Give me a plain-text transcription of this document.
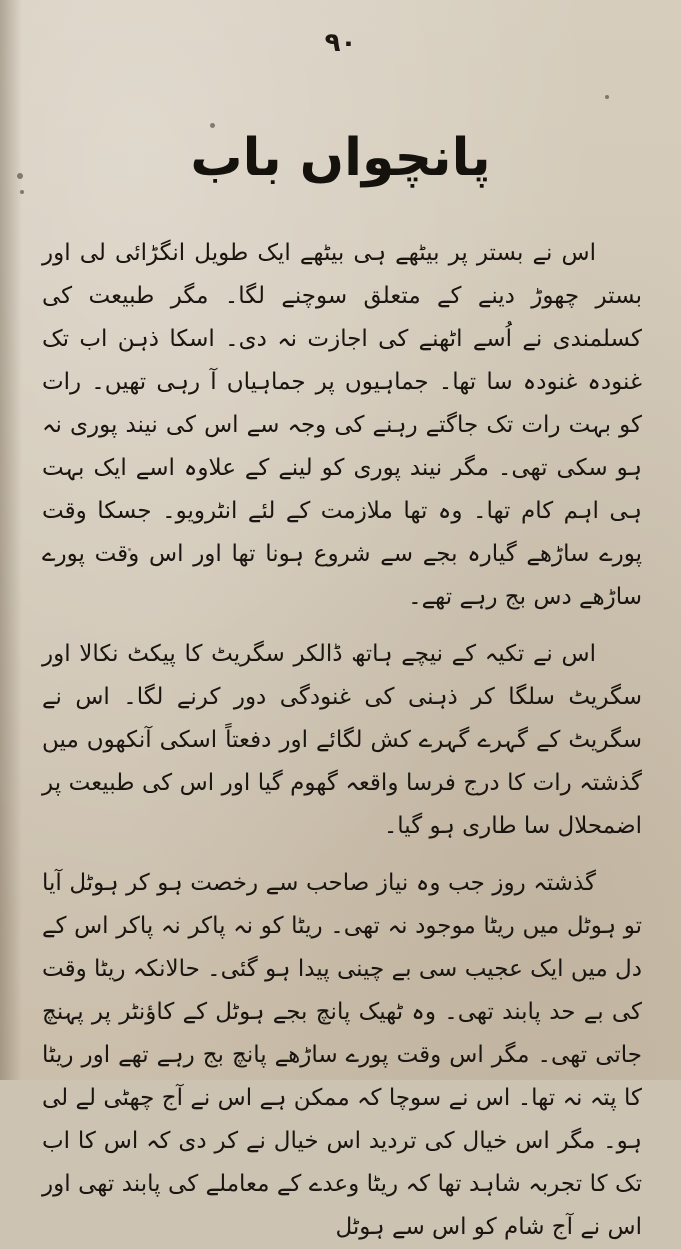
۹۰
پانچواں باب

اس نے بستر پر بیٹھے ہی بیٹھے ایک طویل انگڑائی لی اور بستر چھوڑ دینے کے متعلق سوچنے لگا۔ مگر طبیعت کی کسلمندی نے اُسے اٹھنے کی اجازت نہ دی۔ اسکا ذہن اب تک غنودہ غنودہ سا تھا۔ جماہیوں پر جماہیاں آ رہی تھیں۔ رات کو بہت رات تک جاگتے رہنے کی وجہ سے اس کی نیند پوری نہ ہو سکی تھی۔ مگر نیند پوری کو لینے کے علاوہ اسے ایک بہت ہی اہم کام تھا۔ وہ تھا ملازمت کے لئے انٹرویو۔ جسکا وقت پورے ساڑھے گیارہ بجے سے شروع ہونا تھا اور اس وقت پورے ساڑھے دس بج رہے تھے۔

اس نے تکیہ کے نیچے ہاتھ ڈالکر سگریٹ کا پیکٹ نکالا اور سگریٹ سلگا کر ذہنی کی غنودگی دور کرنے لگا۔ اس نے سگریٹ کے گہرے گہرے کش لگائے اور دفعتاً اسکی آنکھوں میں گذشتہ رات کا درج فرسا واقعہ گھوم گیا اور اس کی طبیعت پر اضمحلال سا طاری ہو گیا۔

گذشتہ روز جب وہ نیاز صاحب سے رخصت ہو کر ہوٹل آیا تو ہوٹل میں ریٹا موجود نہ تھی۔ ریٹا کو نہ پاکر نہ پاکر اس کے دل میں ایک عجیب سی بے چینی پیدا ہو گئی۔ حالانکہ ریٹا وقت کی بے حد پابند تھی۔ وہ ٹھیک پانچ بجے ہوٹل کے کاؤنٹر پر پہنچ جاتی تھی۔ مگر اس وقت پورے ساڑھے پانچ بج رہے تھے اور ریٹا کا پتہ نہ تھا۔ اس نے سوچا کہ ممکن ہے اس نے آج چھٹی لے لی ہو۔ مگر اس خیال کی تردید اس خیال نے کر دی کہ اس کا اب تک کا تجربہ شاہد تھا کہ ریٹا وعدے کے معاملے کی پابند تھی اور اس نے آج شام کو اس سے ہوٹل
